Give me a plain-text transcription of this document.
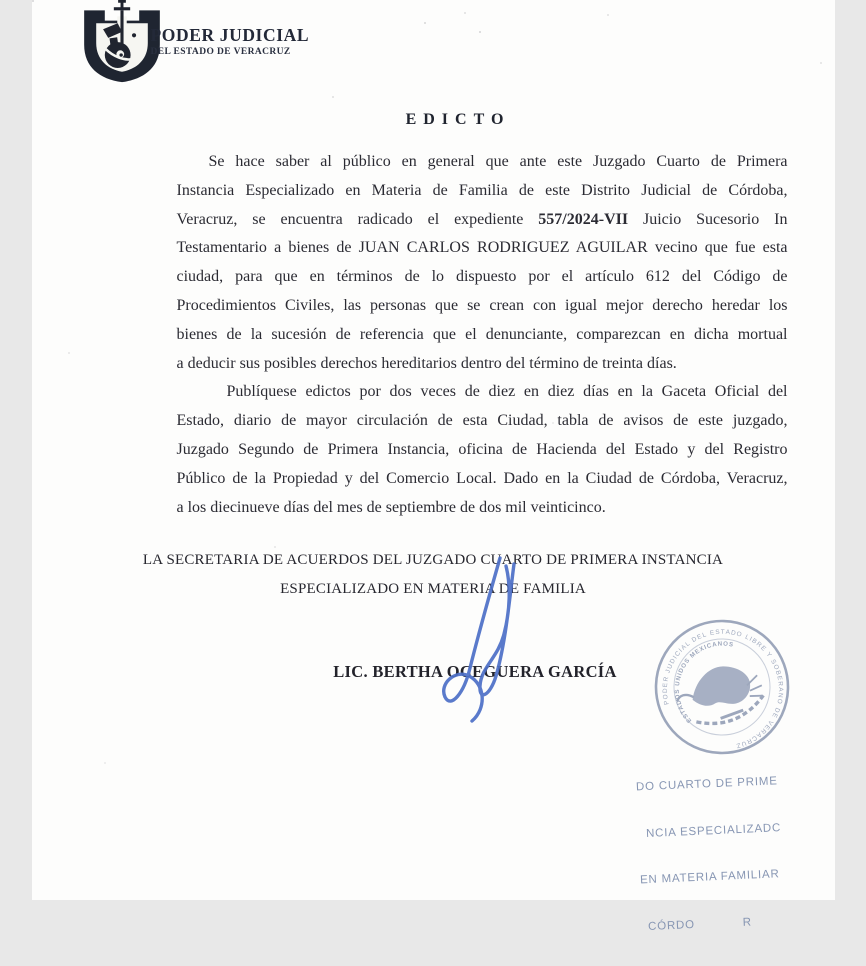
PODER JUDICIAL
DEL ESTADO DE VERACRUZ
EDICTO
Se hace saber al público en general que ante este Juzgado Cuarto de Primera
Instancia Especializado en Materia de Familia de este Distrito Judicial de Córdoba,
Veracruz, se encuentra radicado el expediente 557/2024-VII Juicio Sucesorio In
Testamentario a bienes de JUAN CARLOS RODRIGUEZ AGUILAR vecino que fue esta
ciudad, para que en términos de lo dispuesto por el artículo 612 del Código de
Procedimientos Civiles, las personas que se crean con igual mejor derecho heredar los
bienes de la sucesión de referencia que el denunciante, comparezcan en dicha mortual
a deducir sus posibles derechos hereditarios dentro del término de treinta días.
Publíquese edictos por dos veces de diez en diez días en la Gaceta Oficial del
Estado, diario de mayor circulación de esta Ciudad, tabla de avisos de este juzgado,
Juzgado Segundo de Primera Instancia, oficina de Hacienda del Estado y del Registro
Público de la Propiedad y del Comercio Local. Dado en la Ciudad de Córdoba, Veracruz,
a los diecinueve días del mes de septiembre de dos mil veinticinco.
LA SECRETARIA DE ACUERDOS DEL JUZGADO CUARTO DE PRIMERA INSTANCIA
ESPECIALIZADO EN MATERIA DE FAMILIA
LIC. BERTHA OCEGUERA GARCÍA
PODER JUDICIAL DEL ESTADO LIBRE Y SOBERANO DE VERACRUZ
ESTADOS UNIDOS MEXICANOS

DO CUARTO DE PRIME

NCIA ESPECIALIZADC

EN MATERIA FAMILIAR

CÓRDO            R
